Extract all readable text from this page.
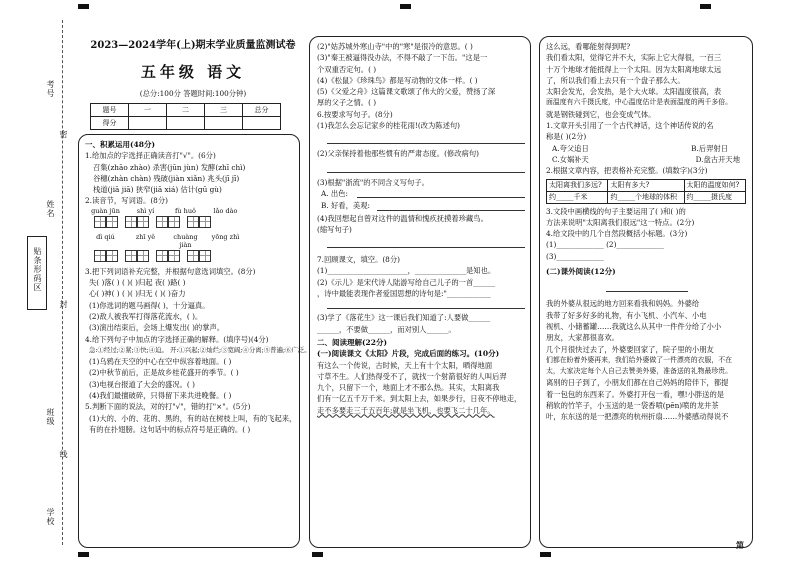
第
学校
班级
姓名
考号
密
封
线
贴条形码区
2023—2024学年(上)期末学业质量监测试卷
五年级 语文
(总分:100分 答题时间:100分钟)
题号	一	二	三	总分
得分				
一、积累运用(48分)
1.给加点的字选择正确读音打"√"。(6分)
召集(zhāo zhào) 杀害(jūn jùn) 发酵(zhī chì)
谷穗(zhàn chàn) 残破(jiàn xiǎn) 兆头(jī jī)
栈道(jiā jiā) 狭窄(jiā xiá) 估计(gū gù)
2.读音节，写词语。(8分)
guàn jūn	shì yí	fù huǒ	lǎo dào
dì qiú	zhī yě	chuàng jiàn
yōng zhì
3.把下列词语补充完整，并根据句意选词填空。(8分)
失( )落( ) ( )( )归起 夜( )路( )
心( )神( ) ( )( )归无 ( )( )奋力
(1)你选词的题马画得( )，十分逼真。
(2)敌人被我军打得落花流水，( )。
(3)演出结束后，会场上爆发出( )的掌声。
4.给下列句子中加点的字选择正确的解释。(填序号)(4分)
急:①经过;②紧;③快;④迫。 开:①兴起;②灿烂;③宽阔;④分离;⑤普遍;⑥广泛。
(1)乌鸦在天空的中心在空中纵容着地面。( )
(2)中秋节前后，正是故乡桂花盛开的季节。( )
(3)电视台报道了大会的盛况。( )
(4)我们最擅破碎，只得留下来共进晚餐。( )
5.判断下面的说法，对的打"√"，错的打"×"。(5分)
(1)大的、小的、花的、黑的，有的站在树枝上叫，有的飞起来，
有的在扑翅膀。这句话中的标点符号是正确的。( )
(2)"姑苏城外寒山寺"中的"寒"是很冷的意思。( )
(3)"秦王被逼得没办法，不得不敲了一下缶。"这是一
个双重否定句。( )
(4)《松鼠》《珍珠鸟》都是写动物的文体一样。( )
(5)《父爱之舟》这篇课文歌颂了伟大的父爱，赞扬了深
厚的父子之情。( )
6.按要求写句子。(8分)
(1)我怎么会忘记家乡的桂花雨!(改为陈述句)
(2)父亲保持着他那些惯有的严肃态度。(修改病句)
(3)根据"浙流"的不同含义写句子。
A. 出色:
B. 好看，美观:
(4)我回想起自曾对这件的温情和愧疚抚摸着珍藏鸟。
(缩写句子)
7.回顾课文，填空。(8分)
(1)______________________，______________是知也。
(2)《示儿》是宋代诗人陆游写给自己儿子的一首______
，诗中最能表现作者爱国思想的诗句是:"____________
(3)学了《落花生》这一课后我们知道了:人要做______
______，不要做______，而对别人______。
二、阅读理解(22分)
(一)阅读课文《太阳》片段，完成后面的练习。(10分)
有这么一个传说，古时候，天上有十个太阳，晒得地面
寸草不生。人们热得受不了，就找一个射箭很好的人叫后羿
九个，只留下一个，地面上才不那么热。其实，太阳离我
们有一亿五千万千米。到太阳上去，如果步行，日夜不停地走，
走不多要走三千五百年;就是坐飞机，也要飞二十几年。
这么远，看哪能射得到呢?
我们看太阳，觉得它并不大，实际上它大得很，一百三
十万个地球才能抵得上一个太阳。因为太阳离地球太远
了，所以我们看上去只有一个盘子那么大。
太阳会发光，会发热，是个大火球。太阳温度很高，表
面温度有六千摄氏度，中心温度估计是表面温度的两千多倍。
就是钢铁碰到它，也会变成气体。
1.文章开头引用了一个古代神话，这个神话传说的名
称是( )(2分)
A.夸父追日	B.后羿射日
C.女娲补天	D.盘古开天地
2.根据文章内容，把表格补充完整。(填数字)(3分)
太阳离我们多远?	太阳有多大?	太阳的温度如何?
约_____千米	约_____个地球的体积	约_____摄氏度
3.文段中画横线的句子主要运用了( )和( )的
方法来说明"太阳离我们很远"这一特点。(2分)
4.给文段中的几个自然段概括小标题。(3分)
(1)_____________ (2)_____________
(3)_____________
(二)课外阅读(12分)
我的外婆从很远的地方回来看我和妈妈。外婆给
我带了好多好多的礼物，有小飞机、小汽车、小电
视机、小储蓄罐……我就这么从其中一件件分给了小小
朋友，大家都很喜欢。
几个月很快过去了，外婆要回家了，院子里的小朋友
们都在盼着外婆再来，我们给外婆做了一件漂亮的衣服，不在
太，大家决定每个人自己去赞美外婆，准备送的礼物最珍贵。
离别的日子到了，小朋友们都在自己妈妈的陪伴下，都提
着一包包的东西来了。外婆打开包一看，嘿!小胖送的是
稍软的竹竿子，小玉送的是一袋香喷(pēn)喷的龙井茶
叶，东东送的是一把漂亮的杭州折扇……外婆感动得说不
